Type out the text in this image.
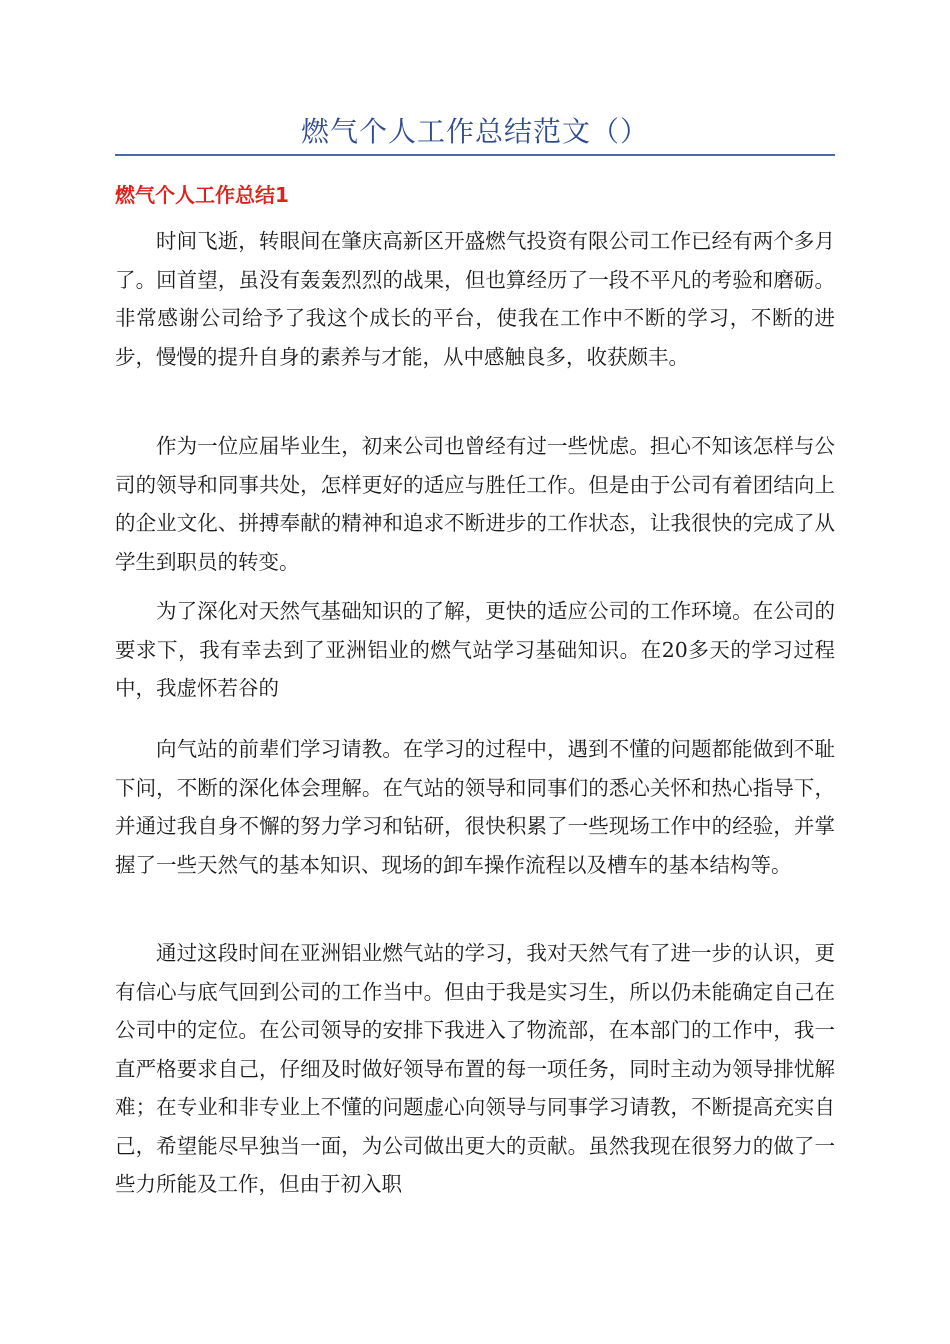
燃气个人工作总结范文（）
燃气个人工作总结1

时间飞逝，转眼间在肇庆高新区开盛燃气投资有限公司工作已经有两个多月了。回首望，虽没有轰轰烈烈的战果，但也算经历了一段不平凡的考验和磨砺。非常感谢公司给予了我这个成长的平台，使我在工作中不断的学习，不断的进步，慢慢的提升自身的素养与才能，从中感触良多，收获颇丰。

作为一位应届毕业生，初来公司也曾经有过一些忧虑。担心不知该怎样与公司的领导和同事共处，怎样更好的适应与胜任工作。但是由于公司有着团结向上的企业文化、拼搏奉献的精神和追求不断进步的工作状态，让我很快的完成了从学生到职员的转变。

为了深化对天然气基础知识的了解，更快的适应公司的工作环境。在公司的要求下，我有幸去到了亚洲铝业的燃气站学习基础知识。在20多天的学习过程中，我虚怀若谷的

向气站的前辈们学习请教。在学习的过程中，遇到不懂的问题都能做到不耻下问，不断的深化体会理解。在气站的领导和同事们的悉心关怀和热心指导下，并通过我自身不懈的努力学习和钻研，很快积累了一些现场工作中的经验，并掌握了一些天然气的基本知识、现场的卸车操作流程以及槽车的基本结构等。

通过这段时间在亚洲铝业燃气站的学习，我对天然气有了进一步的认识，更有信心与底气回到公司的工作当中。但由于我是实习生，所以仍未能确定自己在公司中的定位。在公司领导的安排下我进入了物流部，在本部门的工作中，我一直严格要求自己，仔细及时做好领导布置的每一项任务，同时主动为领导排忧解难；在专业和非专业上不懂的问题虚心向领导与同事学习请教，不断提高充实自己，希望能尽早独当一面，为公司做出更大的贡献。虽然我现在很努力的做了一些力所能及工作，但由于初入职
